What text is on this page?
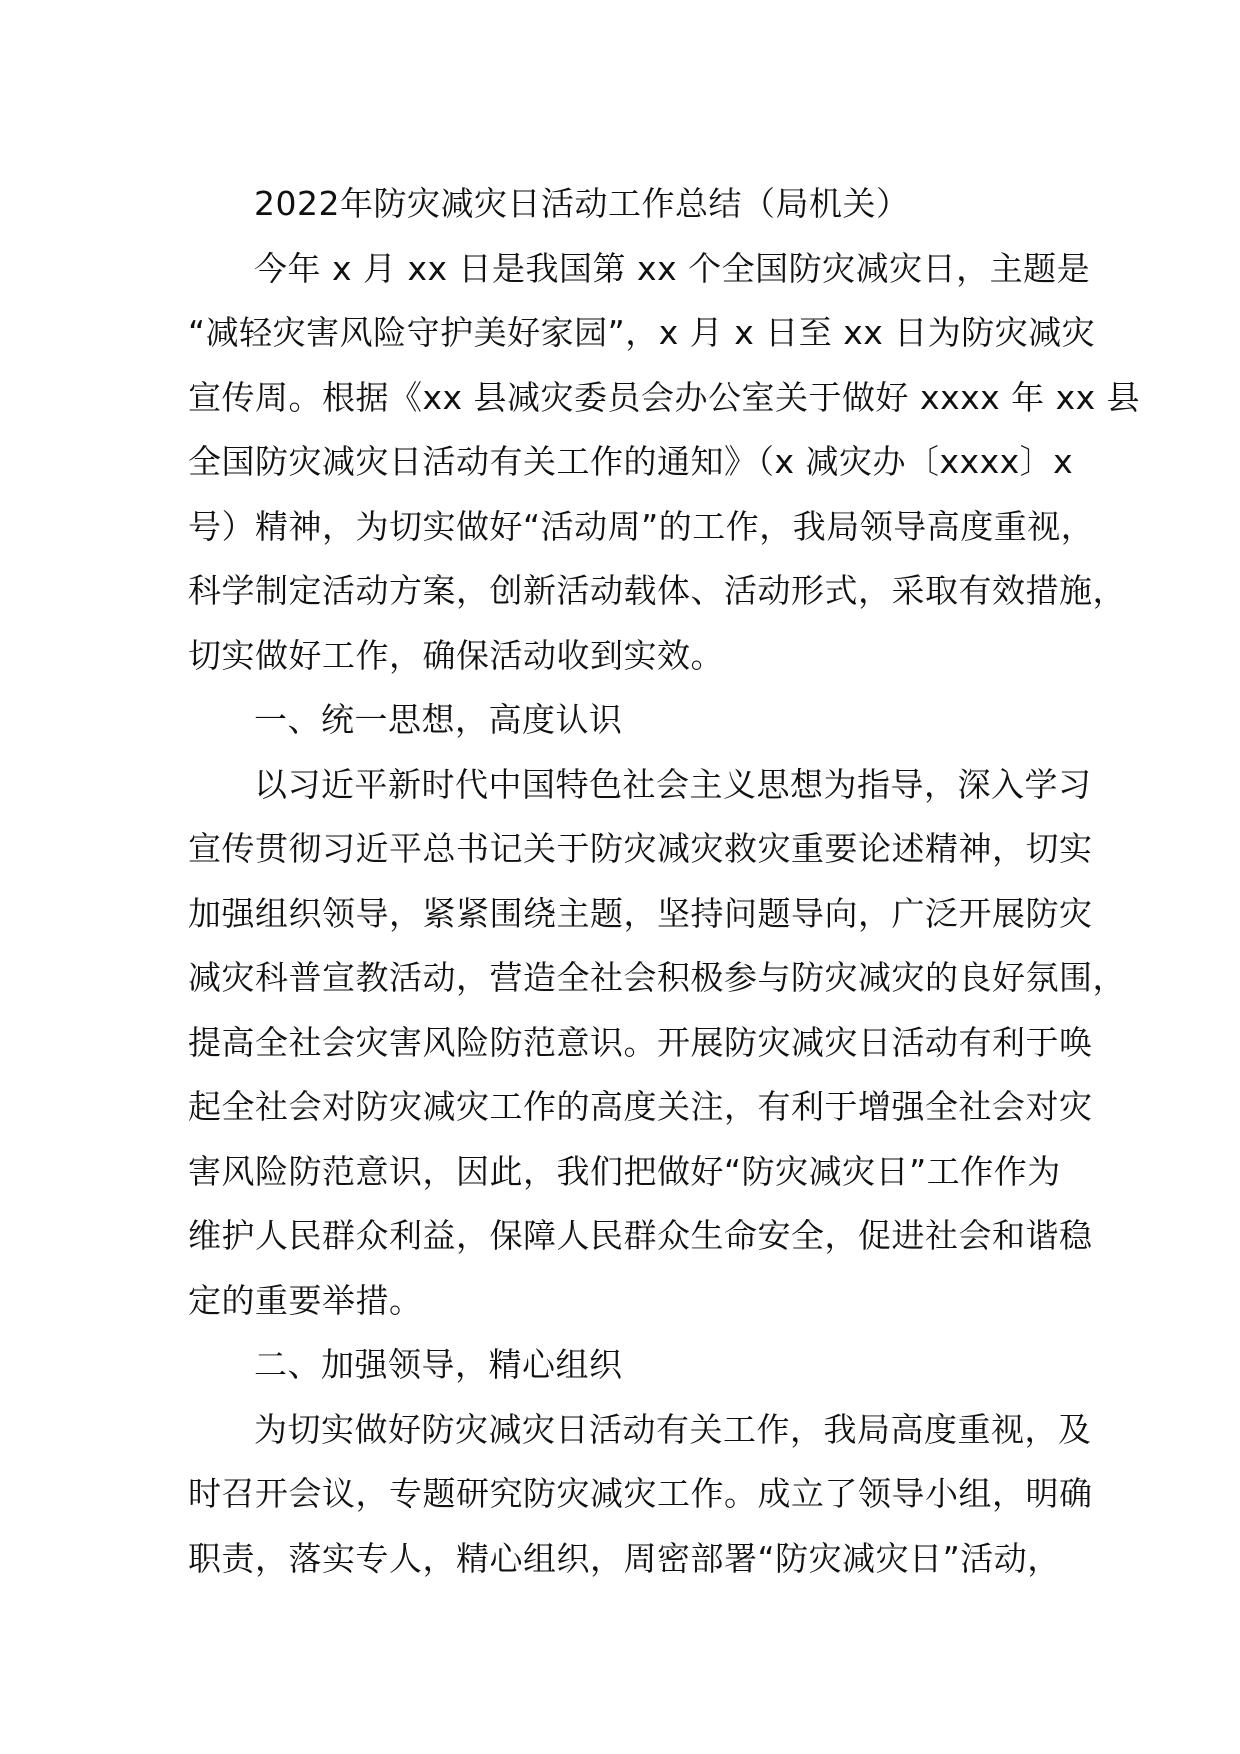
2022年防灾减灾日活动工作总结（局机关）
今年 x 月 xx 日是我国第 xx 个全国防灾减灾日，主题是
“减轻灾害风险守护美好家园”，x 月 x 日至 xx 日为防灾减灾
宣传周。根据《xx 县减灾委员会办公室关于做好 xxxx 年 xx 县
全国防灾减灾日活动有关工作的通知》（x 减灾办〔xxxx〕x
号）精神，为切实做好“活动周”的工作，我局领导高度重视，
科学制定活动方案，创新活动载体、活动形式，采取有效措施，
切实做好工作，确保活动收到实效。
一、统一思想，高度认识
以习近平新时代中国特色社会主义思想为指导，深入学习
宣传贯彻习近平总书记关于防灾减灾救灾重要论述精神，切实
加强组织领导，紧紧围绕主题，坚持问题导向，广泛开展防灾
减灾科普宣教活动，营造全社会积极参与防灾减灾的良好氛围，
提高全社会灾害风险防范意识。开展防灾减灾日活动有利于唤
起全社会对防灾减灾工作的高度关注，有利于增强全社会对灾
害风险防范意识，因此，我们把做好“防灾减灾日”工作作为
维护人民群众利益，保障人民群众生命安全，促进社会和谐稳
定的重要举措。
二、加强领导，精心组织
为切实做好防灾减灾日活动有关工作，我局高度重视，及
时召开会议，专题研究防灾减灾工作。成立了领导小组，明确
职责，落实专人，精心组织，周密部署“防灾减灾日”活动，
